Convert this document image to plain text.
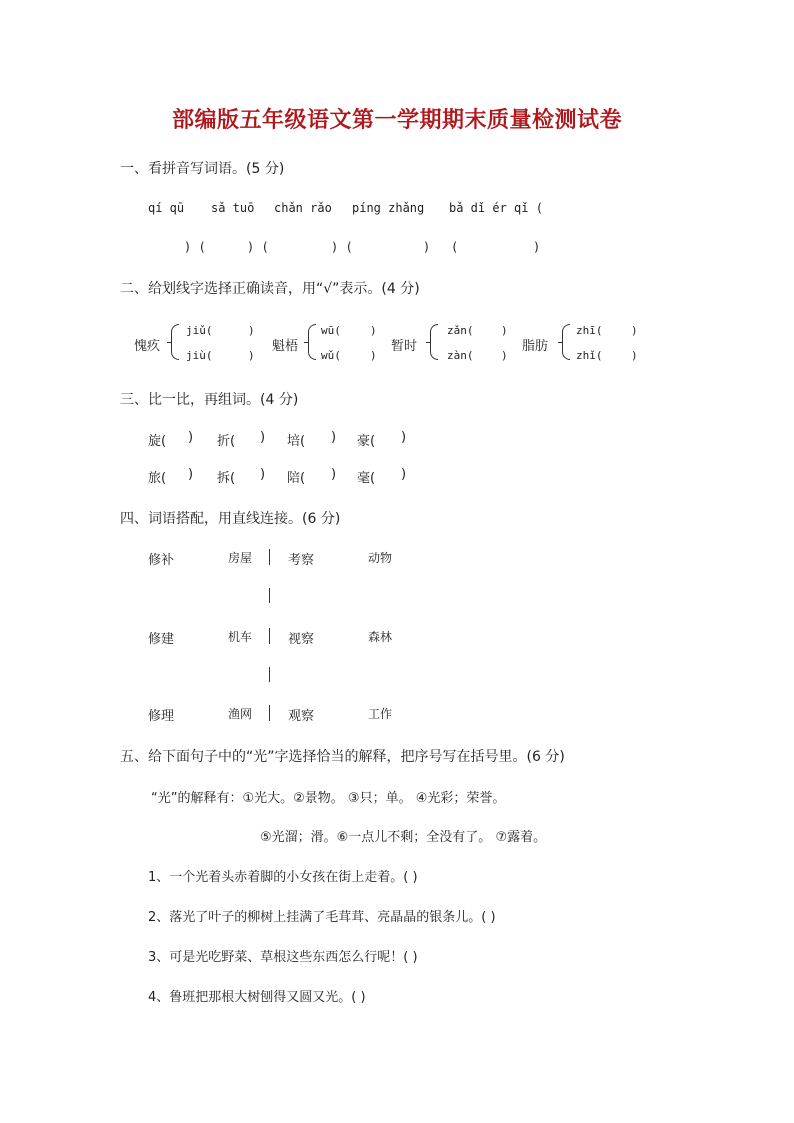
部编版五年级语文第一学期期末质量检测试卷
一、看拼音写词语。(5 分)
qí qū sǎ tuō chǎn rǎo píng zhǎng bǎ dǐ ér qǐ (
) (	) (	) (	) (	)
二、给划线字选择正确读音，用“√”表示。(4 分)
愧疚
jiǔ(	)
jiù(	)
魁梧
wū(	)
wǔ(	)
暂时
zǎn(	)
zàn(	)
脂肪
zhī(	)
zhǐ(	)
三、比一比，再组词。(4 分)
旋( ) 折( ) 培( ) 豪( )
旅( ) 拆( ) 陪( ) 毫( )
四、词语搭配，用直线连接。(6 分)
修补	房屋	考察	动物
修建	机车	视察	森林
修理	渔网	观察	工作
五、给下面句子中的“光”字选择恰当的解释，把序号写在括号里。(6 分)
“光”的解释有：①光大。②景物。 ③只；单。 ④光彩；荣誉。
⑤光溜；滑。⑥一点儿不剩；全没有了。 ⑦露着。
1、一个光着头赤着脚的小女孩在街上走着。( )
2、落光了叶子的柳树上挂满了毛茸茸、亮晶晶的银条儿。( )
3、可是光吃野菜、草根这些东西怎么行呢！( )
4、鲁班把那根大树刨得又圆又光。( )
